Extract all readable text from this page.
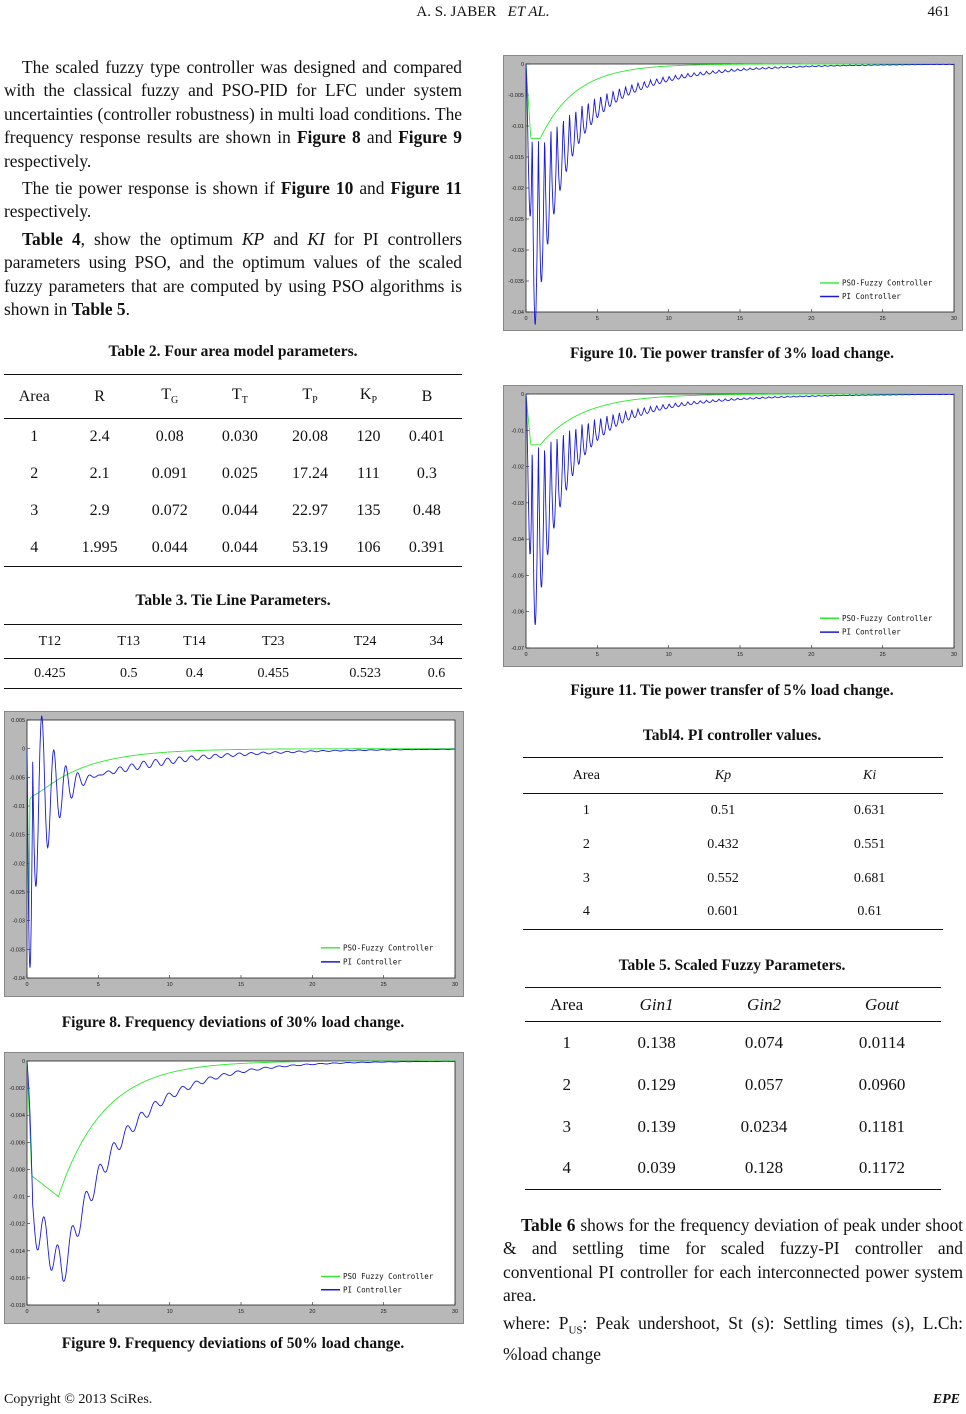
A. S. JABER ET AL.	461

The scaled fuzzy type controller was designed and compared with the classical fuzzy and PSO-PID for LFC under system uncertainties (controller robustness) in multi load conditions. The frequency response results are shown in Figure 8 and Figure 9 respectively.

The tie power response is shown if Figure 10 and Figure 11 respectively.

Table 4, show the optimum KP and KI for PI controllers parameters using PSO, and the optimum values of the scaled fuzzy parameters that are computed by using PSO algorithms is shown in Table 5.

Table 2. Four area model parameters.
Area	R	$T_G$	$T_T$	$T_P$	$K_P$	B
1	2.4	0.08	0.030	20.08	120	0.401
2	2.1	0.091	0.025	17.24	111	0.3
3	2.9	0.072	0.044	22.97	135	0.48
4	1.995	0.044	0.044	53.19	106	0.391
Table 3. Tie Line Parameters.
T12	T13	T14	T23	T24	34
0.425	0.5	0.4	0.455	0.523	0.6
0.005
0
-0.005
-0.01
-0.015
-0.02
-0.025
-0.03
-0.035
-0.04
0	5	10	15	20	25	30
PSO-Fuzzy Controller
PI Controller
Figure 8. Frequency deviations of 30% load change.
0
-0.002
-0.004
-0.006
-0.008
-0.01
-0.012
-0.014
-0.016
-0.018
0	5	10	15	20	25	30
PSO Fuzzy Controller
PI Controller
Figure 9. Frequency deviations of 50% load change.
0
-0.005
-0.01
-0.015
-0.02
-0.025
-0.03
-0.035
-0.04
0	5	10	15	20	25	30
PSO-Fuzzy Controller
PI Controller
Figure 10. Tie power transfer of 3% load change.
0
-0.01
-0.02
-0.03
-0.04
-0.05
-0.06
-0.07
0	5	10	15	20	25	30
PSO-Fuzzy Controller
PI Controller
Figure 11. Tie power transfer of 5% load change.
Tabl4. PI controller values.
Area	Kp	Ki
1	0.51	0.631
2	0.432	0.551
3	0.552	0.681
4	0.601	0.61
Table 5. Scaled Fuzzy Parameters.
Area	Gin1	Gin2	Gout
1	0.138	0.074	0.0114
2	0.129	0.057	0.0960
3	0.139	0.0234	0.1181
4	0.039	0.128	0.1172

Table 6 shows for the frequency deviation of peak under shoot & and settling time for scaled fuzzy-PI controller and conventional PI controller for each interconnected power system area.

where: $P_{US}$: Peak undershoot, St (s): Settling times (s), L.Ch: %load change

Copyright © 2013 SciRes.	EPE
